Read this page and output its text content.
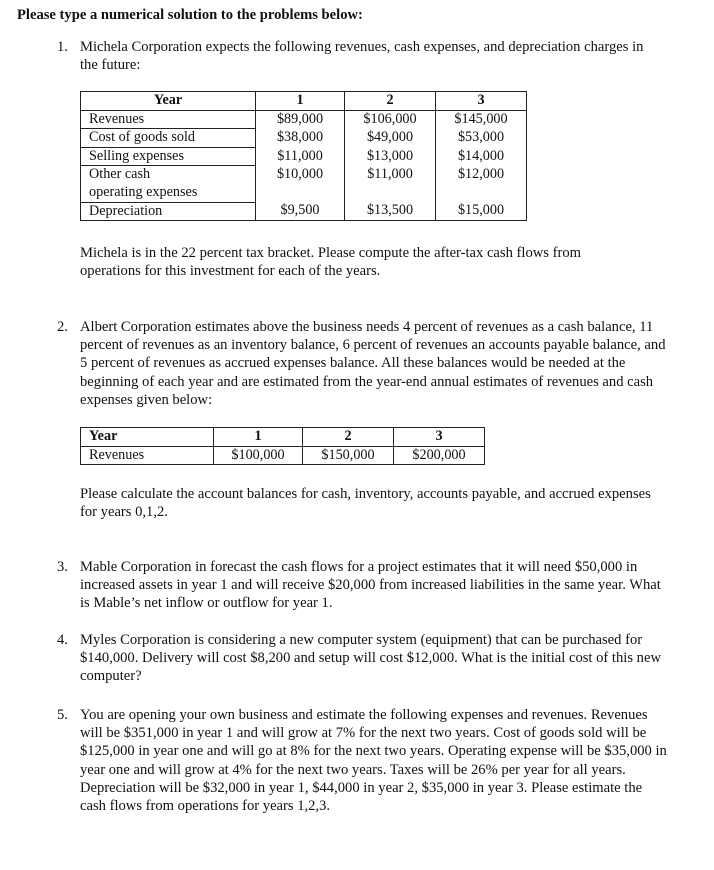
Please type a numerical solution to the problems below:
1. Michela Corporation expects the following revenues, cash expenses, and depreciation charges in the future:

Year	1	2	3
Revenues	$89,000	$106,000	$145,000
Cost of goods sold	$38,000	$49,000	$53,000
Selling expenses	$11,000	$13,000	$14,000

Other cash
operating expenses	$10,000	$11,000	$12,000
Depreciation	$9,500	$13,500	$15,000

Michela is in the 22 percent tax bracket. Please compute the after-tax cash flows from operations for this investment for each of the years.

2. Albert Corporation estimates above the business needs 4 percent of revenues as a cash balance, 11 percent of revenues as an inventory balance, 6 percent of revenues an accounts payable balance, and 5 percent of revenues as accrued expenses balance. All these balances would be needed at the beginning of each year and are estimated from the year-end annual estimates of revenues and cash expenses given below:

Year	1	2	3
Revenues	$100,000	$150,000	$200,000

Please calculate the account balances for cash, inventory, accounts payable, and accrued expenses for years 0,1,2.

3. Mable Corporation in forecast the cash flows for a project estimates that it will need $50,000 in increased assets in year 1 and will receive $20,000 from increased liabilities in the same year. What is Mable’s net inflow or outflow for year 1.

4. Myles Corporation is considering a new computer system (equipment) that can be purchased for $140,000. Delivery will cost $8,200 and setup will cost $12,000. What is the initial cost of this new computer?

5. You are opening your own business and estimate the following expenses and revenues. Revenues will be $351,000 in year 1 and will grow at 7% for the next two years. Cost of goods sold will be $125,000 in year one and will go at 8% for the next two years. Operating expense will be $35,000 in year one and will grow at 4% for the next two years. Taxes will be 26% per year for all years. Depreciation will be $32,000 in year 1, $44,000 in year 2, $35,000 in year 3. Please estimate the cash flows from operations for years 1,2,3.
